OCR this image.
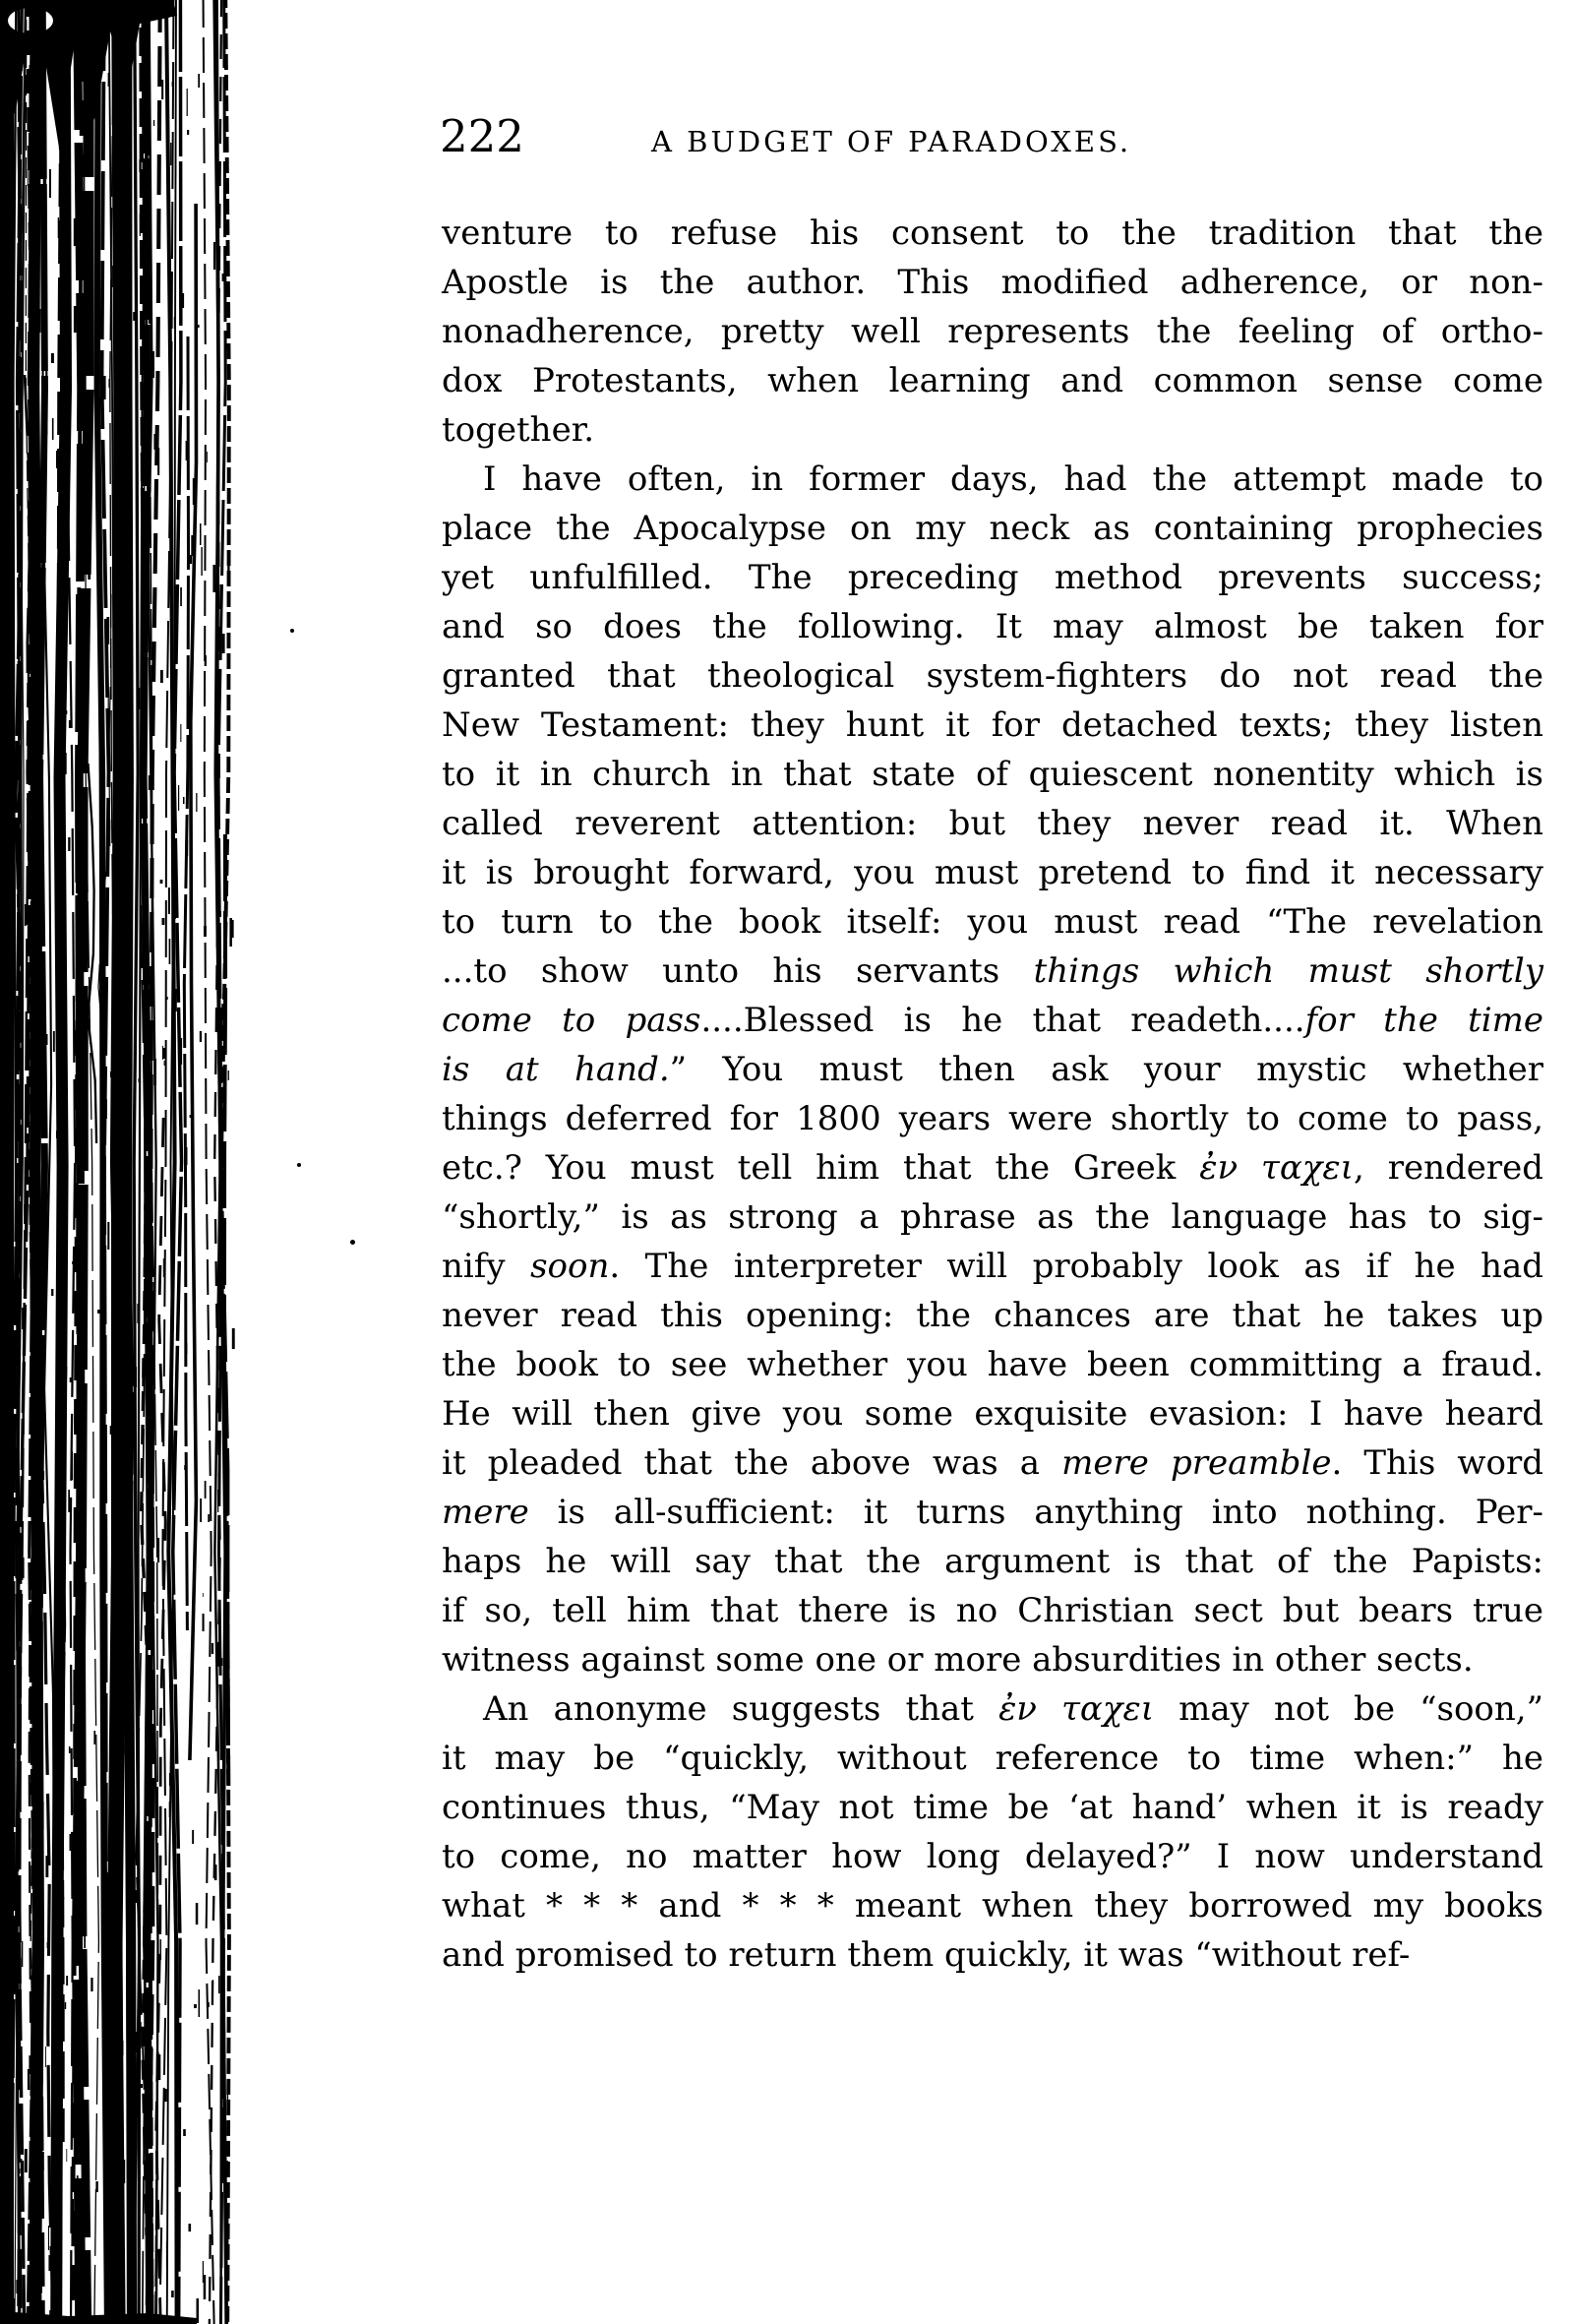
222	A BUDGET OF PARADOXES.
venture to refuse his consent to the tradition that the
Apostle is the author. This modified adherence, or non-
nonadherence, pretty well represents the feeling of ortho-
dox Protestants, when learning and common sense come
together.
I have often, in former days, had the attempt made to
place the Apocalypse on my neck as containing prophecies
yet unfulfilled. The preceding method prevents success;
and so does the following. It may almost be taken for
granted that theological system-fighters do not read the
New Testament: they hunt it for detached texts; they listen
to it in church in that state of quiescent nonentity which is
called reverent attention: but they never read it. When
it is brought forward, you must pretend to find it necessary
to turn to the book itself: you must read “The revelation
...to show unto his servants things which must shortly
come to pass....Blessed is he that readeth....for the time
is at hand.” You must then ask your mystic whether
things deferred for 1800 years were shortly to come to pass,
etc.? You must tell him that the Greek ἐν ταχει, rendered
“shortly,” is as strong a phrase as the language has to sig-
nify soon. The interpreter will probably look as if he had
never read this opening: the chances are that he takes up
the book to see whether you have been committing a fraud.
He will then give you some exquisite evasion: I have heard
it pleaded that the above was a mere preamble. This word
mere is all-sufficient: it turns anything into nothing. Per-
haps he will say that the argument is that of the Papists:
if so, tell him that there is no Christian sect but bears true
witness against some one or more absurdities in other sects.
An anonyme suggests that ἐν ταχει may not be “soon,”
it may be “quickly, without reference to time when:” he
continues thus, “May not time be ‘at hand’ when it is ready
to come, no matter how long delayed?” I now understand
what * * * and * * * meant when they borrowed my books
and promised to return them quickly, it was “without ref-
